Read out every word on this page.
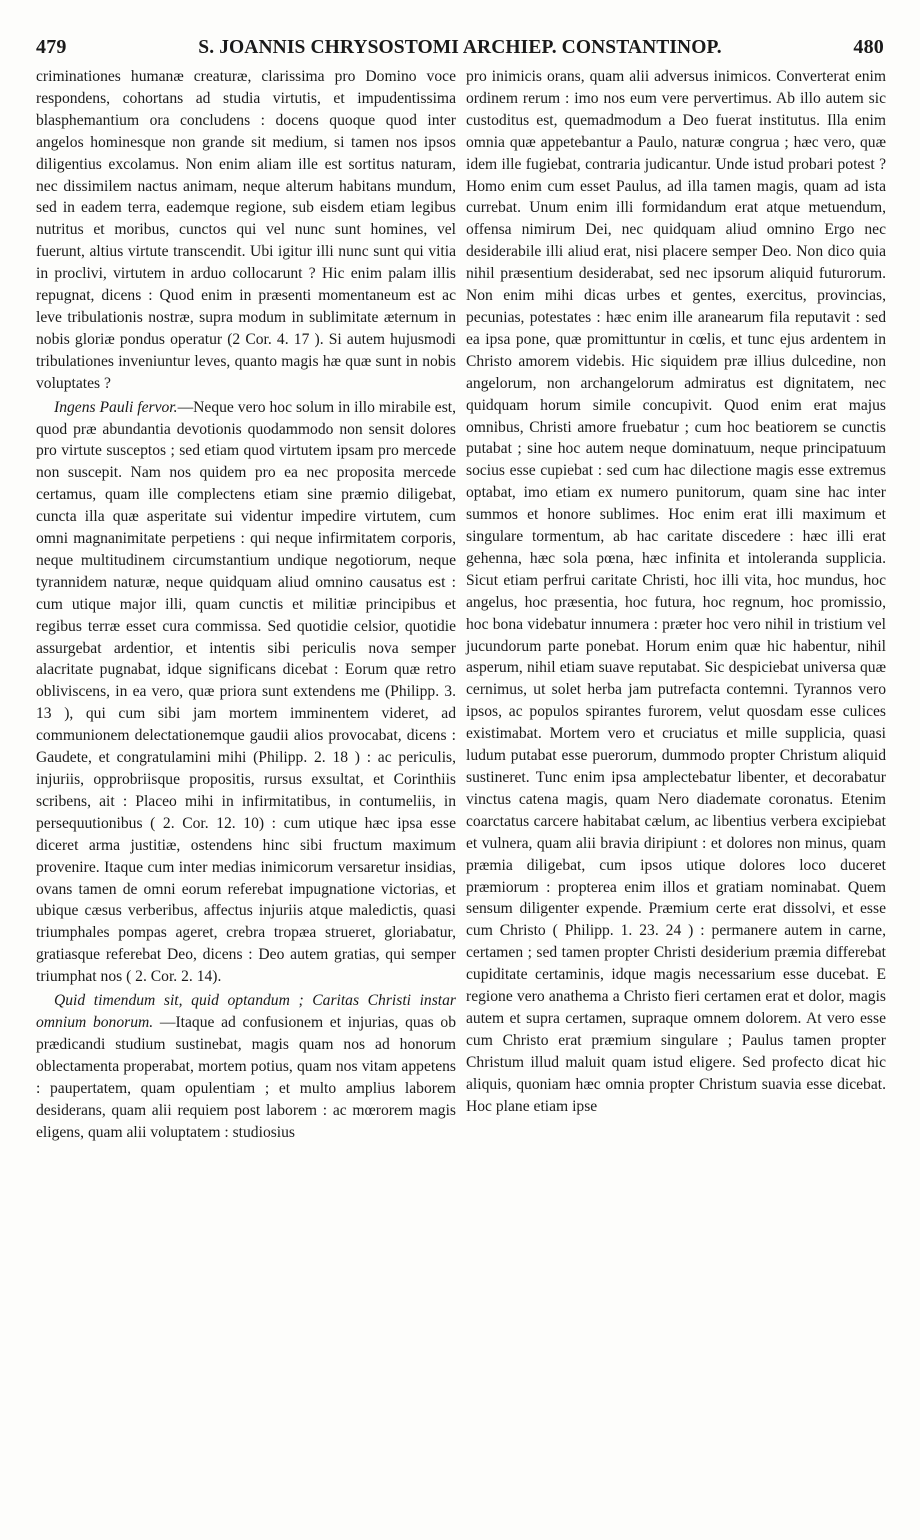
479	S. JOANNIS CHRYSOSTOMI ARCHIEP. CONSTANTINOP.	480

criminationes humanæ creaturæ, clarissima pro Domino voce respondens, cohortans ad studia virtutis, et impudentissima blasphemantium ora concludens : docens quoque quod inter angelos hominesque non grande sit medium, si tamen nos ipsos diligentius excolamus. Non enim aliam ille est sortitus naturam, nec dissimilem nactus animam, neque alterum habitans mundum, sed in eadem terra, eademque regione, sub eisdem etiam legibus nutritus et moribus, cunctos qui vel nunc sunt homines, vel fuerunt, altius virtute transcendit. Ubi igitur illi nunc sunt qui vitia in proclivi, virtutem in arduo collocarunt ? Hic enim palam illis repugnat, dicens : Quod enim in præsenti momentaneum est ac leve tribulationis nostræ, supra modum in sublimitate æternum in nobis gloriæ pondus operatur (2 Cor. 4. 17 ). Si autem hujusmodi tribulationes inveniuntur leves, quanto magis hæ quæ sunt in nobis voluptates ?

Ingens Pauli fervor.—Neque vero hoc solum in illo mirabile est, quod præ abundantia devotionis quodammodo non sensit dolores pro virtute susceptos ; sed etiam quod virtutem ipsam pro mercede non suscepit. Nam nos quidem pro ea nec proposita mercede certamus, quam ille complectens etiam sine præmio diligebat, cuncta illa quæ asperitate sui videntur impedire virtutem, cum omni magnanimitate perpetiens : qui neque infirmitatem corporis, neque multitudinem circumstantium undique negotiorum, neque tyrannidem naturæ, neque quidquam aliud omnino causatus est : cum utique major illi, quam cunctis et militiæ principibus et regibus terræ esset cura commissa. Sed quotidie celsior, quotidie assurgebat ardentior, et intentis sibi periculis nova semper alacritate pugnabat, idque significans dicebat : Eorum quæ retro obliviscens, in ea vero, quæ priora sunt extendens me (Philipp. 3. 13 ), qui cum sibi jam mortem imminentem videret, ad communionem delectationemque gaudii alios provocabat, dicens : Gaudete, et congratulamini mihi (Philipp. 2. 18 ) : ac periculis, injuriis, opprobriisque propositis, rursus exsultat, et Corinthiis scribens, ait : Placeo mihi in infirmitatibus, in contumeliis, in persequutionibus ( 2. Cor. 12. 10) : cum utique hæc ipsa esse diceret arma justitiæ, ostendens hinc sibi fructum maximum provenire. Itaque cum inter medias inimicorum versaretur insidias, ovans tamen de omni eorum referebat impugnatione victorias, et ubique cæsus verberibus, affectus injuriis atque maledictis, quasi triumphales pompas ageret, crebra tropæa strueret, gloriabatur, gratiasque referebat Deo, dicens : Deo autem gratias, qui semper triumphat nos ( 2. Cor. 2. 14).

Quid timendum sit, quid optandum ; Caritas Christi instar omnium bonorum. —Itaque ad confusionem et injurias, quas ob prædicandi studium sustinebat, magis quam nos ad honorum oblectamenta properabat, mortem potius, quam nos vitam appetens : paupertatem, quam opulentiam ; et multo amplius laborem desiderans, quam alii requiem post laborem : ac mœrorem magis eligens, quam alii voluptatem : studiosius

pro inimicis orans, quam alii adversus inimicos. Converterat enim ordinem rerum : imo nos eum vere pervertimus. Ab illo autem sic custoditus est, quemadmodum a Deo fuerat institutus. Illa enim omnia quæ appetebantur a Paulo, naturæ congrua ; hæc vero, quæ idem ille fugiebat, contraria judicantur. Unde istud probari potest ? Homo enim cum esset Paulus, ad illa tamen magis, quam ad ista currebat. Unum enim illi formidandum erat atque metuendum, offensa nimirum Dei, nec quidquam aliud omnino Ergo nec desiderabile illi aliud erat, nisi placere semper Deo. Non dico quia nihil præsentium desiderabat, sed nec ipsorum aliquid futurorum. Non enim mihi dicas urbes et gentes, exercitus, provincias, pecunias, potestates : hæc enim ille aranearum fila reputavit : sed ea ipsa pone, quæ promittuntur in cœlis, et tunc ejus ardentem in Christo amorem videbis. Hic siquidem præ illius dulcedine, non angelorum, non archangelorum admiratus est dignitatem, nec quidquam horum simile concupivit. Quod enim erat majus omnibus, Christi amore fruebatur ; cum hoc beatiorem se cunctis putabat ; sine hoc autem neque dominatuum, neque principatuum socius esse cupiebat : sed cum hac dilectione magis esse extremus optabat, imo etiam ex numero punitorum, quam sine hac inter summos et honore sublimes. Hoc enim erat illi maximum et singulare tormentum, ab hac caritate discedere : hæc illi erat gehenna, hæc sola pœna, hæc infinita et intoleranda supplicia. Sicut etiam perfrui caritate Christi, hoc illi vita, hoc mundus, hoc angelus, hoc præsentia, hoc futura, hoc regnum, hoc promissio, hoc bona videbatur innumera : præter hoc vero nihil in tristium vel jucundorum parte ponebat. Horum enim quæ hic habentur, nihil asperum, nihil etiam suave reputabat. Sic despiciebat universa quæ cernimus, ut solet herba jam putrefacta contemni. Tyrannos vero ipsos, ac populos spirantes furorem, velut quosdam esse culices existimabat. Mortem vero et cruciatus et mille supplicia, quasi ludum putabat esse puerorum, dummodo propter Christum aliquid sustineret. Tunc enim ipsa amplectebatur libenter, et decorabatur vinctus catena magis, quam Nero diademate coronatus. Etenim coarctatus carcere habitabat cælum, ac libentius verbera excipiebat et vulnera, quam alii bravia diripiunt : et dolores non minus, quam præmia diligebat, cum ipsos utique dolores loco duceret præmiorum : propterea enim illos et gratiam nominabat. Quem sensum diligenter expende. Præmium certe erat dissolvi, et esse cum Christo ( Philipp. 1. 23. 24 ) : permanere autem in carne, certamen ; sed tamen propter Christi desiderium præmia differebat cupiditate certaminis, idque magis necessarium esse ducebat. E regione vero anathema a Christo fieri certamen erat et dolor, magis autem et supra certamen, supraque omnem dolorem. At vero esse cum Christo erat præmium singulare ; Paulus tamen propter Christum illud maluit quam istud eligere. Sed profecto dicat hic aliquis, quoniam hæc omnia propter Christum suavia esse dicebat. Hoc plane etiam ipse
